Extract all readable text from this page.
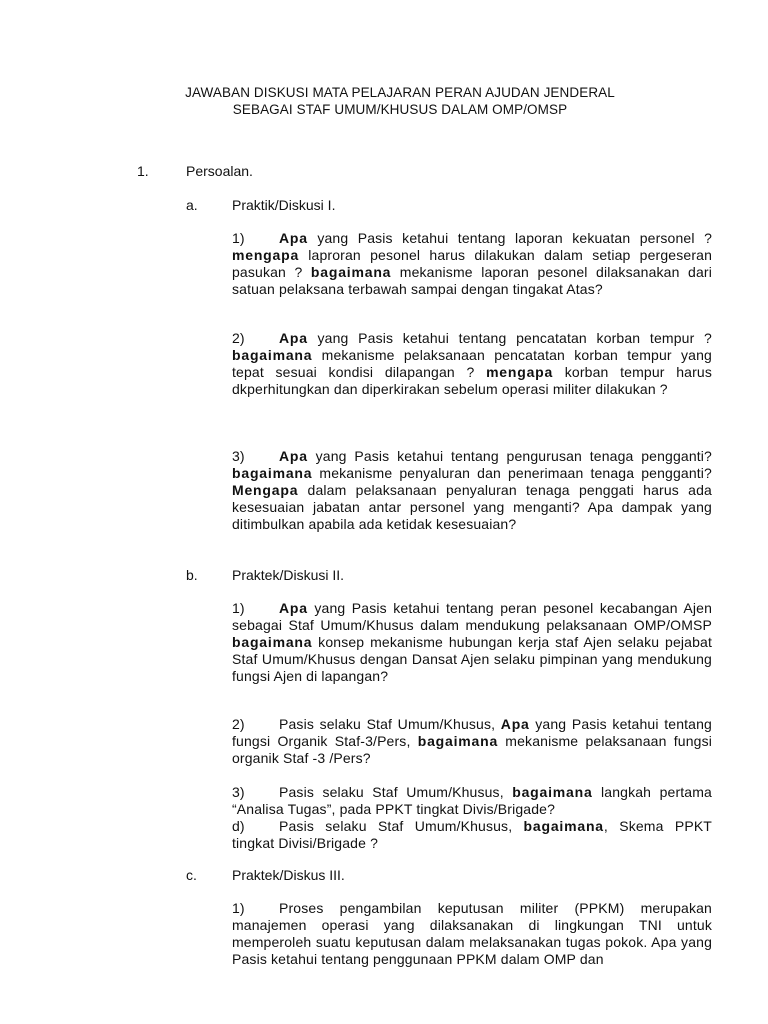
JAWABAN DISKUSI MATA PELAJARAN PERAN AJUDAN JENDERAL
SEBAGAI STAF UMUM/KHUSUS DALAM OMP/OMSP
1.	Persoalan.
a. Praktik/Diskusi I.
1) Apa yang Pasis ketahui tentang laporan kekuatan personel ? mengapa laproran pesonel harus dilakukan dalam setiap pergeseran pasukan ? bagaimana mekanisme laporan pesonel dilaksanakan dari satuan pelaksana terbawah sampai dengan tingakat Atas?
2) Apa yang Pasis ketahui tentang pencatatan korban tempur ? bagaimana mekanisme pelaksanaan pencatatan korban tempur yang tepat sesuai kondisi dilapangan ? mengapa korban tempur harus dkperhitungkan dan diperkirakan sebelum operasi militer dilakukan ?
3) Apa yang Pasis ketahui tentang pengurusan tenaga pengganti? bagaimana mekanisme penyaluran dan penerimaan tenaga pengganti? Mengapa dalam pelaksanaan penyaluran tenaga penggati harus ada kesesuaian jabatan antar personel yang menganti? Apa dampak yang ditimbulkan apabila ada ketidak kesesuaian?
b. Praktek/Diskusi II.
1) Apa yang Pasis ketahui tentang peran pesonel kecabangan Ajen sebagai Staf Umum/Khusus dalam mendukung pelaksanaan OMP/OMSP bagaimana konsep mekanisme hubungan kerja staf Ajen selaku pejabat Staf Umum/Khusus dengan Dansat Ajen selaku pimpinan yang mendukung fungsi Ajen di lapangan?
2) Pasis selaku Staf Umum/Khusus, Apa yang Pasis ketahui tentang fungsi Organik Staf-3/Pers, bagaimana mekanisme pelaksanaan fungsi organik Staf -3 /Pers?
3) Pasis selaku Staf Umum/Khusus, bagaimana langkah pertama “Analisa Tugas”, pada PPKT tingkat Divis/Brigade?
d) Pasis selaku Staf Umum/Khusus, bagaimana, Skema PPKT tingkat Divisi/Brigade ?
c.	Praktek/Diskus III.
1) Proses pengambilan keputusan militer (PPKM) merupakan manajemen operasi yang dilaksanakan di lingkungan TNI untuk memperoleh suatu keputusan dalam melaksanakan tugas pokok. Apa yang Pasis ketahui tentang penggunaan PPKM dalam OMP dan
